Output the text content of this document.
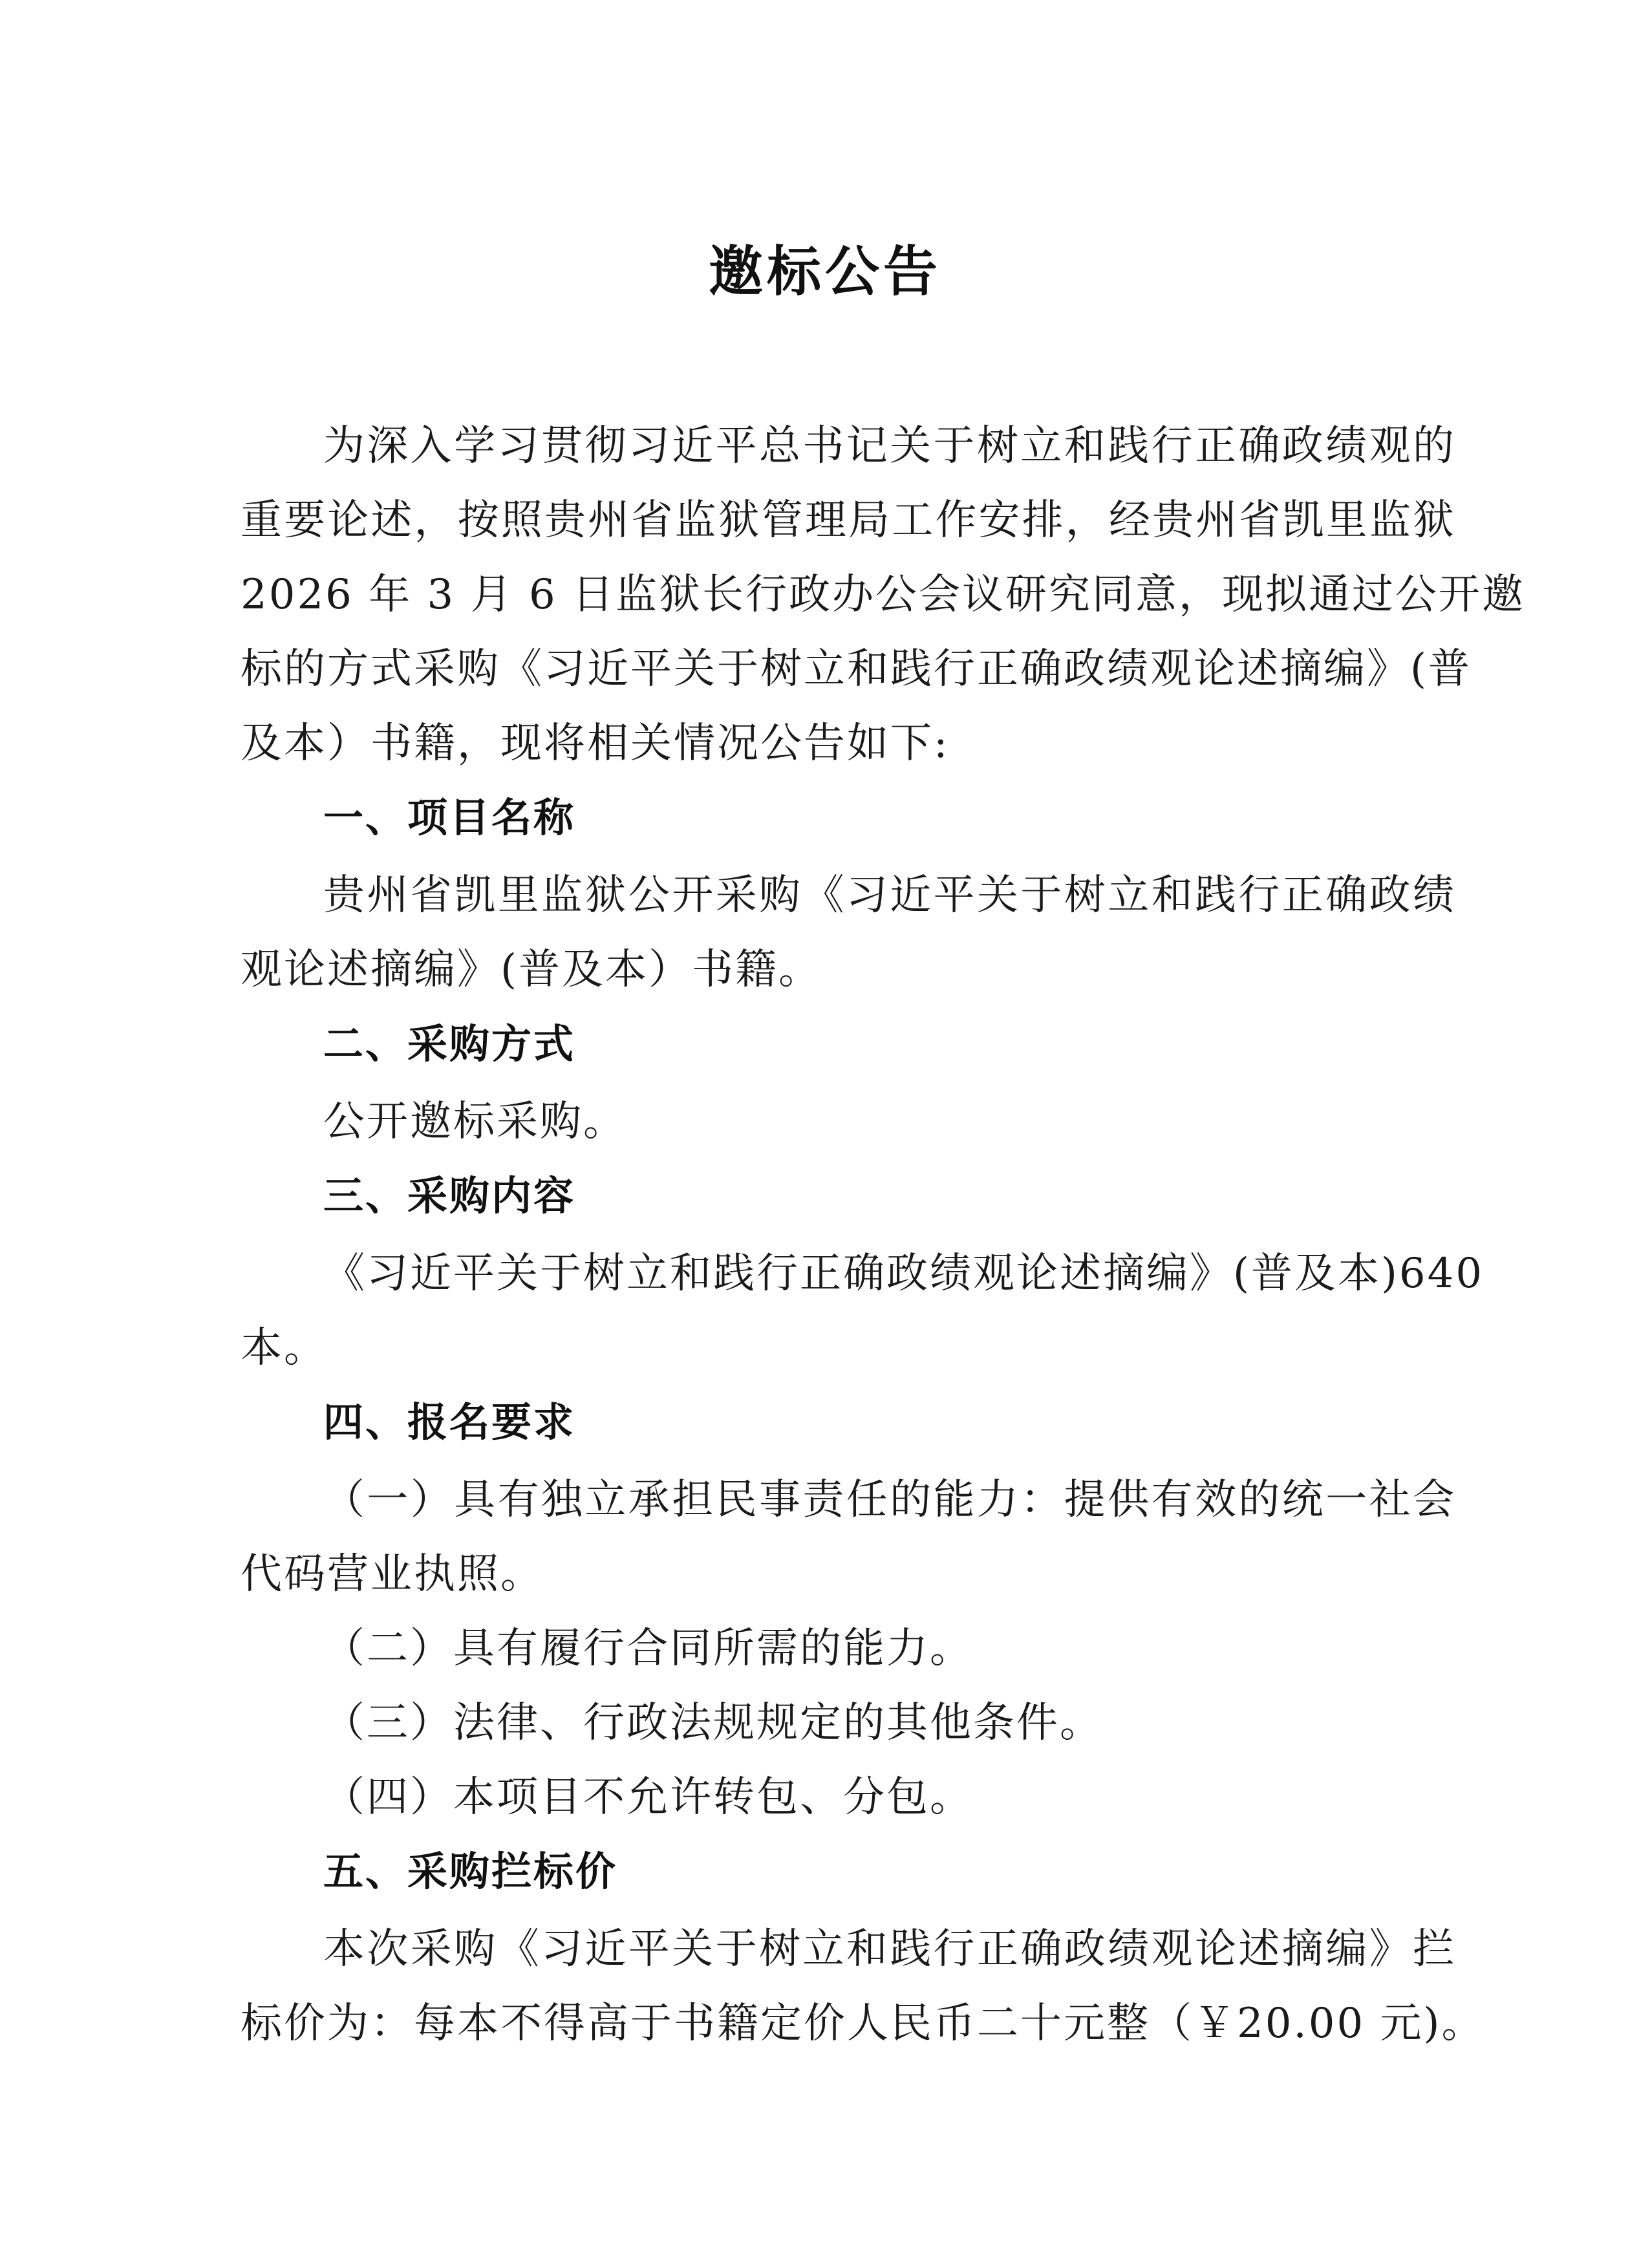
邀标公告
为深入学习贯彻习近平总书记关于树立和践行正确政绩观的
重要论述，按照贵州省监狱管理局工作安排，经贵州省凯里监狱
2026 年 3 月 6 日监狱长行政办公会议研究同意，现拟通过公开邀
标的方式采购《习近平关于树立和践行正确政绩观论述摘编》(普
及本）书籍，现将相关情况公告如下:
一、项目名称
贵州省凯里监狱公开采购《习近平关于树立和践行正确政绩
观论述摘编》(普及本）书籍。
二、采购方式
公开邀标采购。
三、采购内容
《习近平关于树立和践行正确政绩观论述摘编》(普及本)640
本。
四、报名要求
（一）具有独立承担民事责任的能力：提供有效的统一社会
代码营业执照。
（二）具有履行合同所需的能力。
（三）法律、行政法规规定的其他条件。
（四）本项目不允许转包、分包。
五、采购拦标价
本次采购《习近平关于树立和践行正确政绩观论述摘编》拦
标价为：每本不得高于书籍定价人民币二十元整（￥20.00 元)。
